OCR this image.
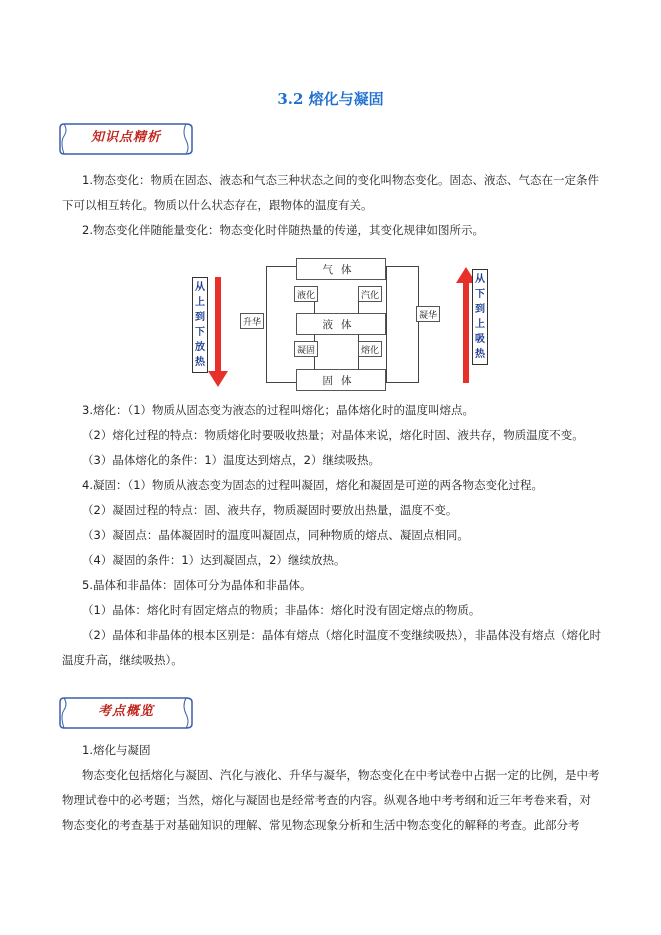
3.2 熔化与凝固
知识点精析

1.物态变化：物质在固态、液态和气态三种状态之间的变化叫物态变化。固态、液态、气态在一定条件下可以相互转化。物质以什么状态存在，跟物体的温度有关。

2.物态变化伴随能量变化：物态变化时伴随热量的传递，其变化规律如图所示。

从上到下放热
从下到上吸热
气体
液体
固体
液化	汽化
凝固	熔化
升华
凝华

3.熔化：（1）物质从固态变为液态的过程叫熔化；晶体熔化时的温度叫熔点。

（2）熔化过程的特点：物质熔化时要吸收热量；对晶体来说，熔化时固、液共存，物质温度不变。

（3）晶体熔化的条件：1）温度达到熔点，2）继续吸热。

4.凝固：（1）物质从液态变为固态的过程叫凝固，熔化和凝固是可逆的两各物态变化过程。

（2）凝固过程的特点：固、液共存，物质凝固时要放出热量，温度不变。

（3）凝固点：晶体凝固时的温度叫凝固点，同种物质的熔点、凝固点相同。

（4）凝固的条件：1）达到凝固点，2）继续放热。

5.晶体和非晶体：固体可分为晶体和非晶体。

（1）晶体：熔化时有固定熔点的物质；非晶体：熔化时没有固定熔点的物质。

（2）晶体和非晶体的根本区别是：晶体有熔点（熔化时温度不变继续吸热），非晶体没有熔点（熔化时温度升高，继续吸热）。

考点概览

1.熔化与凝固

物态变化包括熔化与凝固、汽化与液化、升华与凝华，物态变化在中考试卷中占据一定的比例，是中考物理试卷中的必考题；当然，熔化与凝固也是经常考查的内容。纵观各地中考考纲和近三年考卷来看，对物态变化的考查基于对基础知识的理解、常见物态现象分析和生活中物态变化的解释的考查。此部分考
